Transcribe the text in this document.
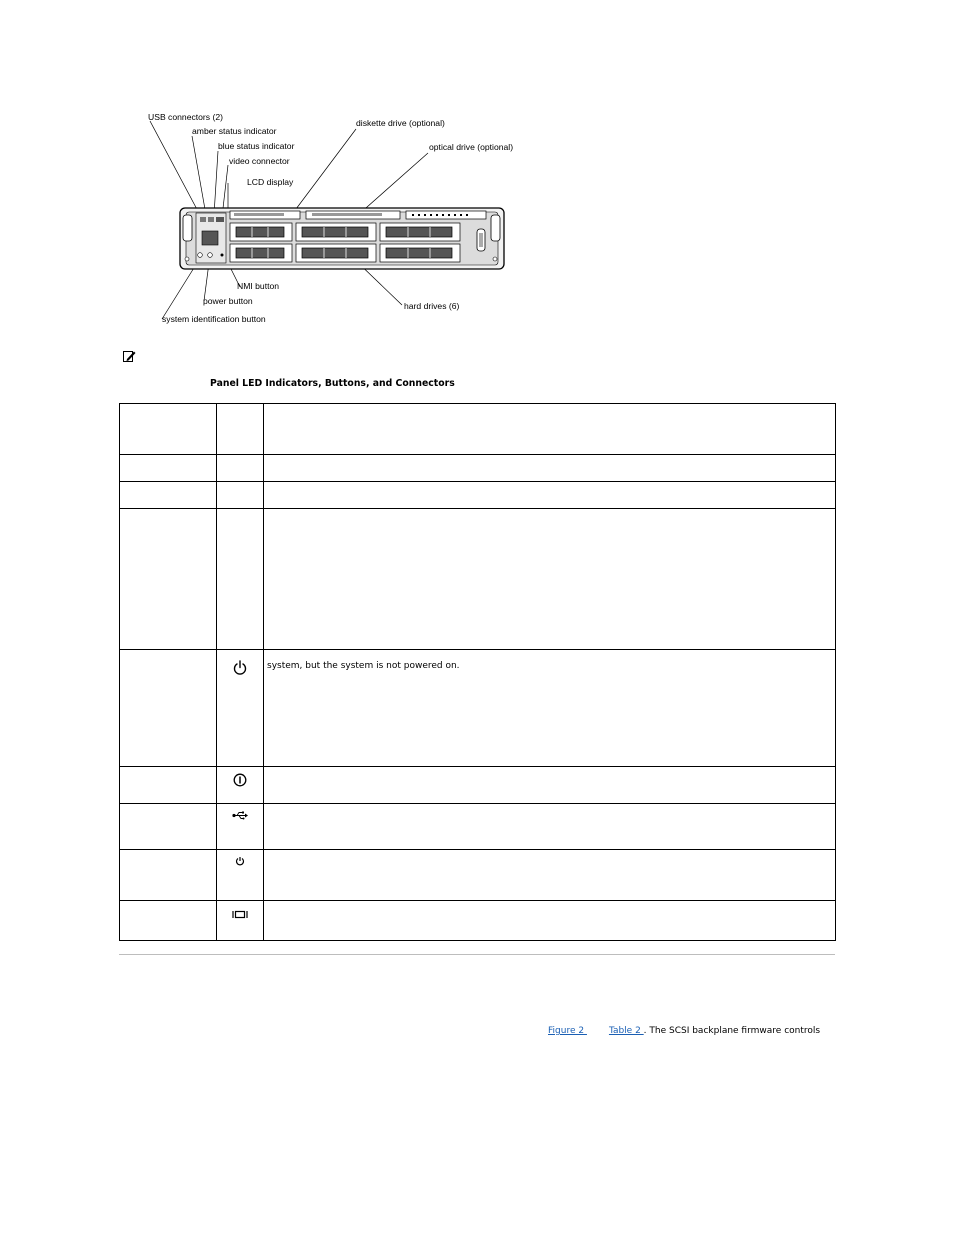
USB connectors (2)
amber status indicator
blue status indicator
video connector
LCD display
diskette drive (optional)
optical drive (optional)
NMI button
power button
system identification button
hard drives (6)
Panel LED Indicators, Buttons, and Connectors

system, but the system is not powered on.

Figure 2 Table 2 . The SCSI backplane firmware controls
